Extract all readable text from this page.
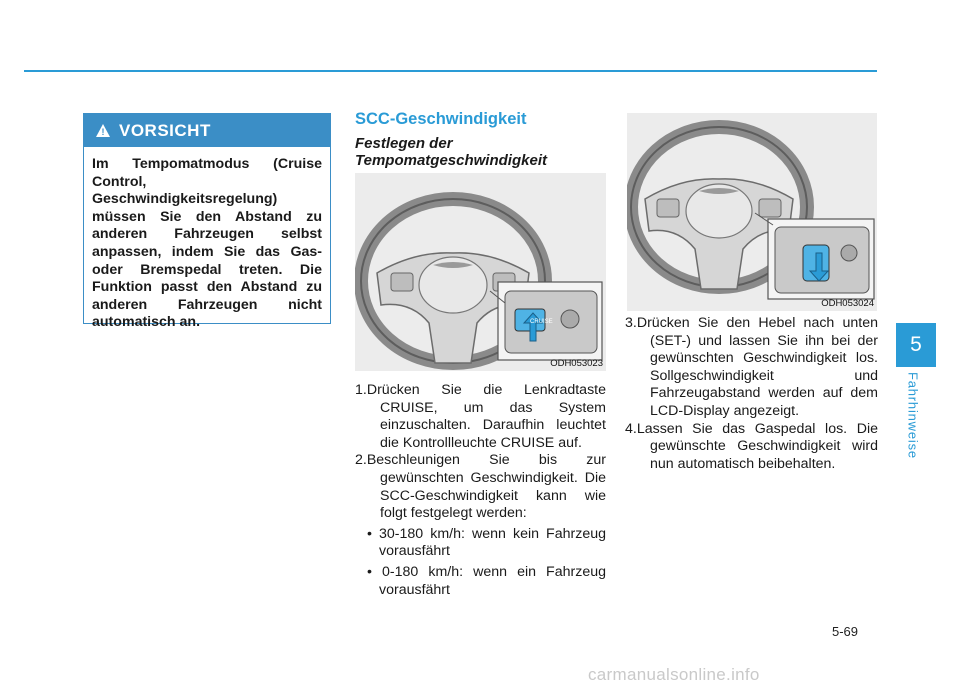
! VORSICHT
Im Tempomatmodus (Cruise Control, Geschwindigkeitsregelung) müssen Sie den Abstand zu anderen Fahrzeugen selbst anpassen, indem Sie das Gas- oder Bremspedal treten. Die Funktion passt den Abstand zu anderen Fahrzeugen nicht automatisch an.
SCC-Geschwindigkeit
Festlegen der Tempomatgeschwindigkeit
CRUISE
ODH053023
ODH053024
1.Drücken Sie die Lenkradtaste CRUISE, um das System einzuschalten. Daraufhin leuchtet die Kontrollleuchte CRUISE auf.
2.Beschleunigen Sie bis zur gewünschten Geschwindigkeit. Die SCC-Geschwindigkeit kann wie folgt festgelegt werden:
• 30-180 km/h: wenn kein Fahrzeug vorausfährt
• 0-180 km/h: wenn ein Fahrzeug vorausfährt
3.Drücken Sie den Hebel nach unten (SET-) und lassen Sie ihn bei der gewünschten Geschwindigkeit los. Sollgeschwindigkeit und Fahrzeugabstand werden auf dem LCD-Display angezeigt.
4.Lassen Sie das Gaspedal los. Die gewünschte Geschwindigkeit wird nun automatisch beibehalten.
5
Fahrhinweise
5-69
carmanualsonline.info
